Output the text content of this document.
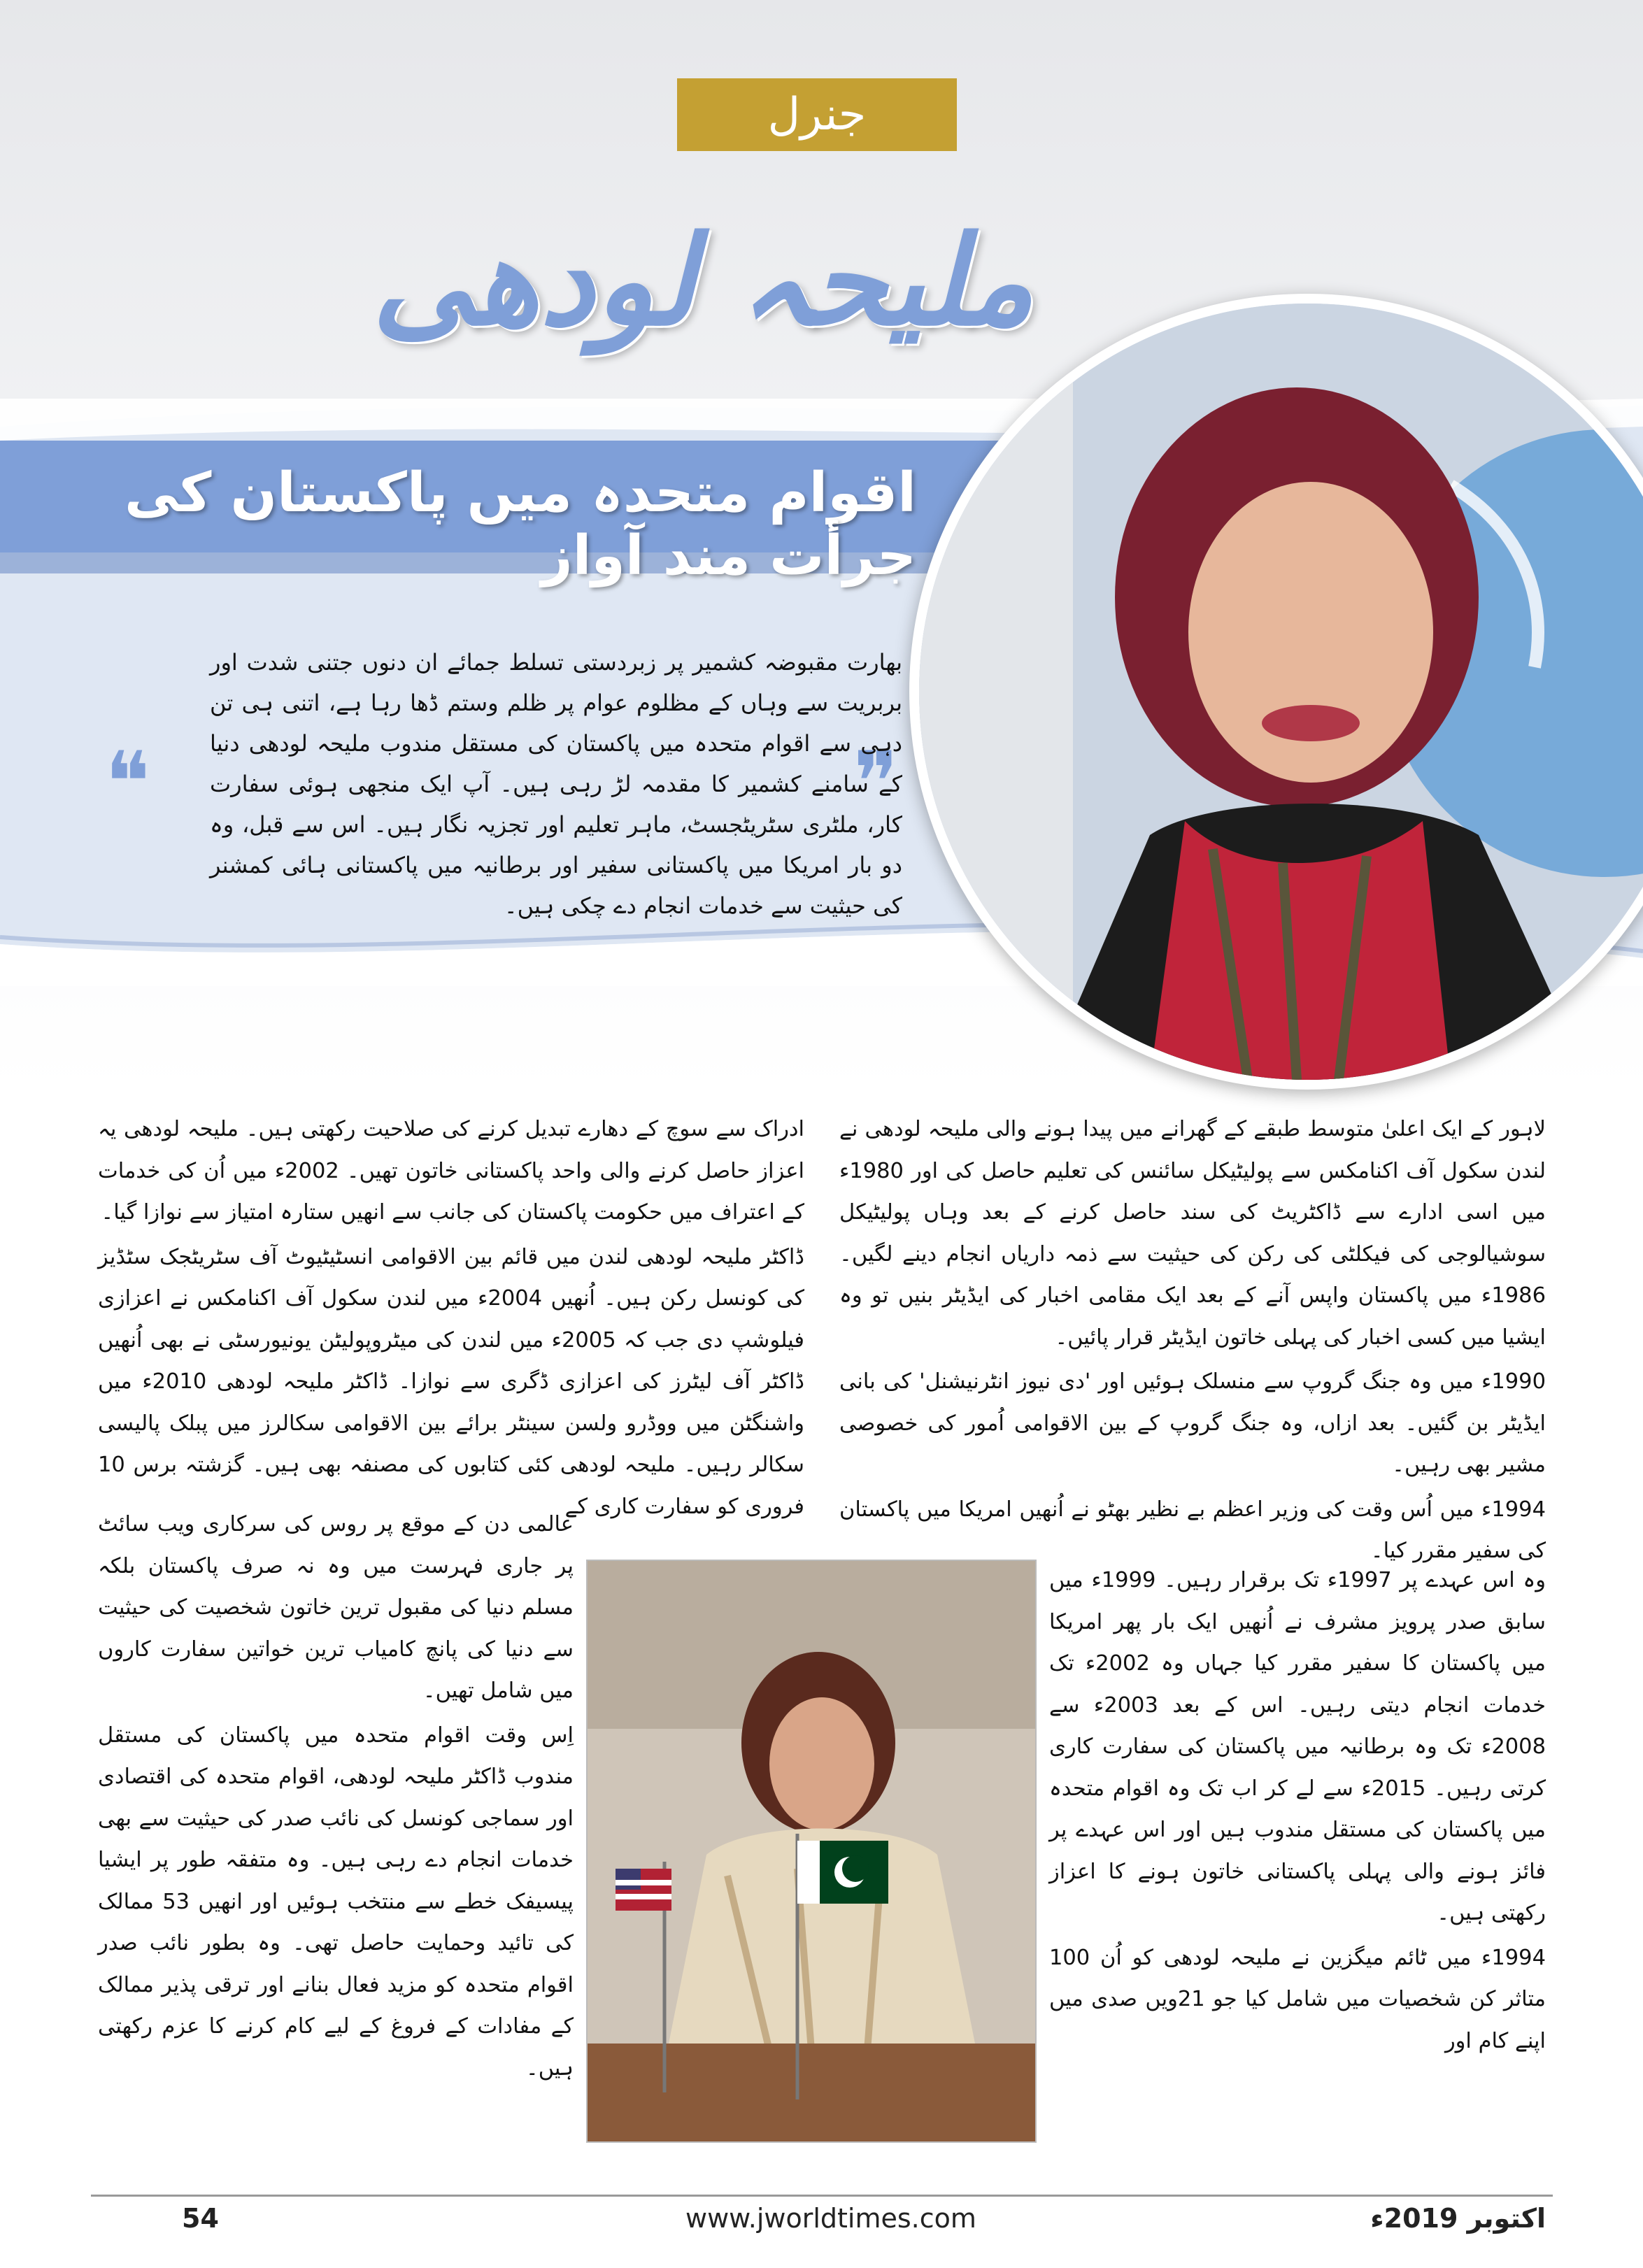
جنرل
ملیحہ لودھی
اقوام متحدہ میں پاکستان کی جرأت مند آواز
❞
❝
بھارت مقبوضہ کشمیر پر زبردستی تسلط جمائے ان دنوں جتنی شدت اور بربریت سے وہاں کے مظلوم عوام پر ظلم وستم ڈھا رہا ہے، اتنی ہی تن دہی سے اقوام متحدہ میں پاکستان کی مستقل مندوب ملیحہ لودھی دنیا کے سامنے کشمیر کا مقدمہ لڑ رہی ہیں۔ آپ ایک منجھی ہوئی سفارت کار، ملٹری سٹریٹجسٹ، ماہر تعلیم اور تجزیہ نگار ہیں۔ اس سے قبل، وہ دو بار امریکا میں پاکستانی سفیر اور برطانیہ میں پاکستانی ہائی کمشنر کی حیثیت سے خدمات انجام دے چکی ہیں۔

لاہور کے ایک اعلیٰ متوسط طبقے کے گھرانے میں پیدا ہونے والی ملیحہ لودھی نے لندن سکول آف اکنامکس سے پولیٹیکل سائنس کی تعلیم حاصل کی اور 1980ء میں اسی ادارے سے ڈاکٹریٹ کی سند حاصل کرنے کے بعد وہاں پولیٹیکل سوشیالوجی کی فیکلٹی کی رکن کی حیثیت سے ذمہ داریاں انجام دینے لگیں۔ 1986ء میں پاکستان واپس آنے کے بعد ایک مقامی اخبار کی ایڈیٹر بنیں تو وہ ایشیا میں کسی اخبار کی پہلی خاتون ایڈیٹر قرار پائیں۔

1990ء میں وہ جنگ گروپ سے منسلک ہوئیں اور 'دی نیوز انٹرنیشنل' کی بانی ایڈیٹر بن گئیں۔ بعد ازاں، وہ جنگ گروپ کے بین الاقوامی اُمور کی خصوصی مشیر بھی رہیں۔

1994ء میں اُس وقت کی وزیر اعظم بے نظیر بھٹو نے اُنھیں امریکا میں پاکستان کی سفیر مقرر کیا۔

وہ اس عہدے پر 1997ء تک برقرار رہیں۔ 1999ء میں سابق صدر پرویز مشرف نے اُنھیں ایک بار پھر امریکا میں پاکستان کا سفیر مقرر کیا جہاں وہ 2002ء تک خدمات انجام دیتی رہیں۔ اس کے بعد 2003ء سے 2008ء تک وہ برطانیہ میں پاکستان کی سفارت کاری کرتی رہیں۔ 2015ء سے لے کر اب تک وہ اقوام متحدہ میں پاکستان کی مستقل مندوب ہیں اور اس عہدے پر فائز ہونے والی پہلی پاکستانی خاتون ہونے کا اعزاز رکھتی ہیں۔

1994ء میں ٹائم میگزین نے ملیحہ لودھی کو اُن 100 متاثر کن شخصیات میں شامل کیا جو 21ویں صدی میں اپنے کام اور

ادراک سے سوچ کے دھارے تبدیل کرنے کی صلاحیت رکھتی ہیں۔ ملیحہ لودھی یہ اعزاز حاصل کرنے والی واحد پاکستانی خاتون تھیں۔ 2002ء میں اُن کی خدمات کے اعتراف میں حکومت پاکستان کی جانب سے انھیں ستارہ امتیاز سے نوازا گیا۔

ڈاکٹر ملیحہ لودھی لندن میں قائم بین الاقوامی انسٹیٹیوٹ آف سٹریٹجک سٹڈیز کی کونسل رکن ہیں۔ اُنھیں 2004ء میں لندن سکول آف اکنامکس نے اعزازی فیلوشپ دی جب کہ 2005ء میں لندن کی میٹروپولیٹن یونیورسٹی نے بھی اُنھیں ڈاکٹر آف لیٹرز کی اعزازی ڈگری سے نوازا۔ ڈاکٹر ملیحہ لودھی 2010ء میں واشنگٹن میں ووڈرو ولسن سینٹر برائے بین الاقوامی سکالرز میں پبلک پالیسی سکالر رہیں۔ ملیحہ لودھی کئی کتابوں کی مصنفہ بھی ہیں۔ گزشتہ برس 10 فروری کو سفارت کاری کے

عالمی دن کے موقع پر روس کی سرکاری ویب سائٹ پر جاری فہرست میں وہ نہ صرف پاکستان بلکہ مسلم دنیا کی مقبول ترین خاتون شخصیت کی حیثیت سے دنیا کی پانچ کامیاب ترین خواتین سفارت کاروں میں شامل تھیں۔

اِس وقت اقوام متحدہ میں پاکستان کی مستقل مندوب ڈاکٹر ملیحہ لودھی، اقوام متحدہ کی اقتصادی اور سماجی کونسل کی نائب صدر کی حیثیت سے بھی خدمات انجام دے رہی ہیں۔ وہ متفقہ طور پر ایشیا پیسیفک خطے سے منتخب ہوئیں اور انھیں 53 ممالک کی تائید وحمایت حاصل تھی۔ وہ بطور نائب صدر اقوام متحدہ کو مزید فعال بنانے اور ترقی پذیر ممالک کے مفادات کے فروغ کے لیے کام کرنے کا عزم رکھتی ہیں۔

54	www.jworldtimes.com	اکتوبر 2019ء
